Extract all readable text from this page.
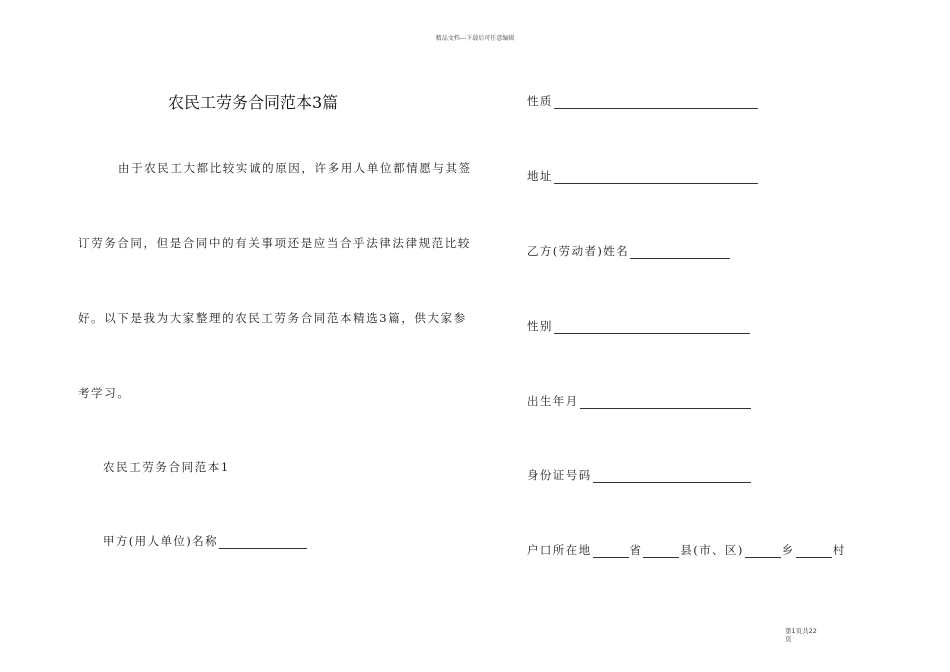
精品文档---下载后可任意编辑
农民工劳务合同范本3篇
由于农民工大都比较实诚的原因，许多用人单位都情愿与其签
订劳务合同，但是合同中的有关事项还是应当合乎法律法律规范比较
好。以下是我为大家整理的农民工劳务合同范本精选3篇，供大家参
考学习。
农民工劳务合同范本1
甲方(用人单位)名称
性质
地址
乙方(劳动者)姓名
性别
出生年月
身份证号码
户口所在地	省	县(市、区)	乡	村
第1页共22
页
